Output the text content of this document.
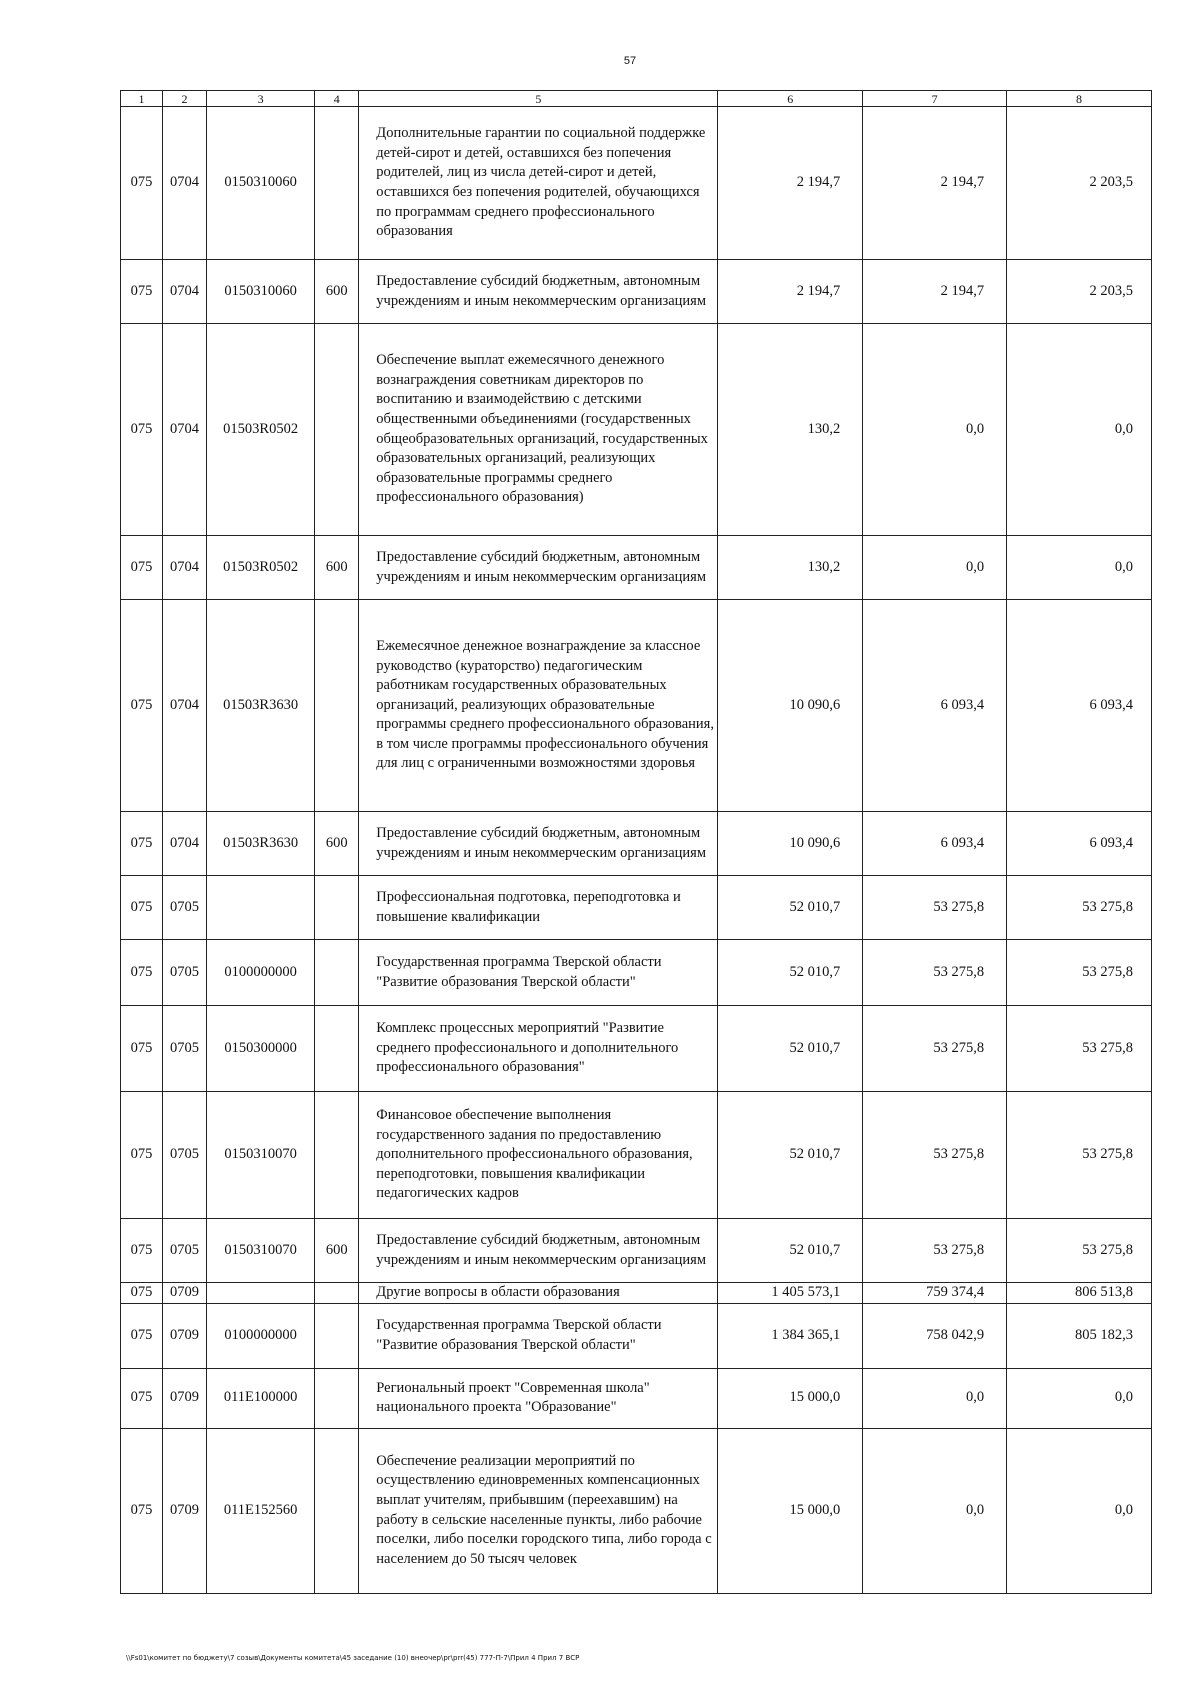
57
1	2	3	4	5	6	7	8
075	0704	0150310060		Дополнительные гарантии по социальной поддержке детей-сирот и детей, оставшихся без попечения родителей, лиц из числа детей-сирот и детей, оставшихся без попечения родителей, обучающихся по программам среднего профессионального образования	2 194,7	2 194,7	2 203,5
075	0704	0150310060	600	Предоставление субсидий бюджетным, автономным учреждениям и иным некоммерческим организациям	2 194,7	2 194,7	2 203,5
075	0704	01503R0502		Обеспечение выплат ежемесячного денежного вознаграждения советникам директоров по воспитанию и взаимодействию с детскими общественными объединениями (государственных общеобразовательных организаций, государственных образовательных организаций, реализующих образовательные программы среднего профессионального образования)	130,2	0,0	0,0
075	0704	01503R0502	600	Предоставление субсидий бюджетным, автономным учреждениям и иным некоммерческим организациям	130,2	0,0	0,0
075	0704	01503R3630		Ежемесячное денежное вознаграждение за классное руководство (кураторство) педагогическим работникам государственных образовательных организаций, реализующих образовательные программы среднего профессионального образования, в том числе программы профессионального обучения для лиц с ограниченными возможностями здоровья	10 090,6	6 093,4	6 093,4
075	0704	01503R3630	600	Предоставление субсидий бюджетным, автономным учреждениям и иным некоммерческим организациям	10 090,6	6 093,4	6 093,4
075	0705			Профессиональная подготовка, переподготовка и повышение квалификации	52 010,7	53 275,8	53 275,8
075	0705	0100000000		Государственная программа Тверской области "Развитие образования Тверской области"	52 010,7	53 275,8	53 275,8
075	0705	0150300000		Комплекс процессных мероприятий "Развитие среднего профессионального и дополнительного профессионального образования"	52 010,7	53 275,8	53 275,8
075	0705	0150310070		Финансовое обеспечение выполнения государственного задания по предоставлению дополнительного профессионального образования, переподготовки, повышения квалификации педагогических кадров	52 010,7	53 275,8	53 275,8
075	0705	0150310070	600	Предоставление субсидий бюджетным, автономным учреждениям и иным некоммерческим организациям	52 010,7	53 275,8	53 275,8
075	0709			Другие вопросы в области образования	1 405 573,1	759 374,4	806 513,8
075	0709	0100000000		Государственная программа Тверской области "Развитие образования Тверской области"	1 384 365,1	758 042,9	805 182,3
075	0709	011E100000		Региональный проект "Современная школа" национального проекта "Образование"	15 000,0	0,0	0,0
075	0709	011E152560		Обеспечение реализации мероприятий по осуществлению единовременных компенсационных выплат учителям, прибывшим (переехавшим) на работу в сельские населенные пункты, либо рабочие поселки, либо поселки городского типа, либо города с населением до 50 тысяч человек	15 000,0	0,0	0,0
\\Fs01\комитет по бюджету\7 созыв\Документы комитета\45 заседание (10) внеочер\pr\prr(45) 777-П-7\Прил 4 Прил 7 ВСР
